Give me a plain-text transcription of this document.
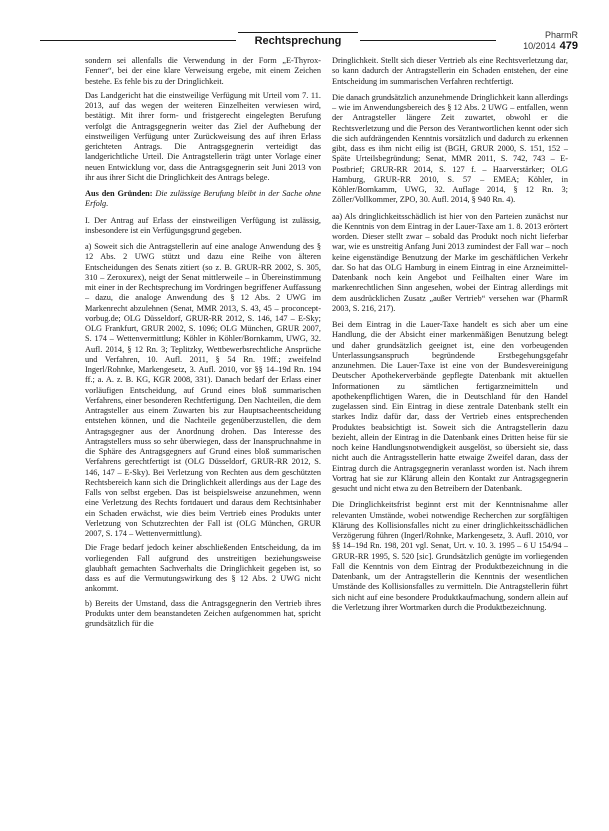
Rechtsprechung	PharmR 10/2014 479

sondern sei allenfalls die Verwendung in der Form „E-Thyrox-Fenner“, bei der eine klare Verweisung ergebe, mit einem Zeichen bestehe. Es fehle bis zu der Dringlichkeit.

Das Landgericht hat die einstweilige Verfügung mit Urteil vom 7. 11. 2013, auf das wegen der weiteren Einzelheiten verwiesen wird, bestätigt. Mit ihrer form- und fristgerecht eingelegten Berufung verfolgt die Antragsgegnerin weiter das Ziel der Aufhebung der einstweiligen Verfügung unter Zurückweisung des auf ihren Erlass gerichteten Antrags. Die Antragsgegnerin verteidigt das landgerichtliche Urteil. Die Antragstellerin trägt unter Vorlage einer neuen Entwicklung vor, dass die Antragsgegnerin seit Juni 2013 von ihr aus ihrer Sicht die Dringlichkeit des Antrags belege.

Aus den Gründen: Die zulässige Berufung bleibt in der Sache ohne Erfolg.

I. Der Antrag auf Erlass der einstweiligen Verfügung ist zulässig, insbesondere ist ein Verfügungsgrund gegeben.

a) Soweit sich die Antragstellerin auf eine analoge Anwendung des § 12 Abs. 2 UWG stützt und dazu eine Reihe von älteren Entscheidungen des Senats zitiert (so z. B. GRUR-RR 2002, S. 305, 310 – Zeroxurex), neigt der Senat mittlerweile – in Übereinstimmung mit einer in der Rechtsprechung im Vordringen begriffener Auffassung – dazu, die analoge Anwendung des § 12 Abs. 2 UWG im Markenrecht abzulehnen (Senat, MMR 2013, S. 43, 45 – proconcept-vorbug.de; OLG Düsseldorf, GRUR-RR 2012, S. 146, 147 – E-Sky; OLG Frankfurt, GRUR 2002, S. 1096; OLG München, GRUR 2007, S. 174 – Wettenvermittlung; Köhler in Köhler/Bornkamm, UWG, 32. Aufl. 2014, § 12 Rn. 3; Teplitzky, Wettbewerbsrechtliche Ansprüche und Verfahren, 10. Aufl. 2011, § 54 Rn. 19ff.; zweifelnd Ingerl/Rohnke, Markengesetz, 3. Aufl. 2010, vor §§ 14–19d Rn. 194 ff.; a. A. z. B. KG, KGR 2008, 331). Danach bedarf der Erlass einer vorläufigen Entscheidung, auf Grund eines bloß summarischen Verfahrens, einer besonderen Rechtfertigung. Den Nachteilen, die dem Antragsteller aus einem Zuwarten bis zur Hauptsacheentscheidung entstehen können, und die Nachteile gegenüberzustellen, die dem Antragsgegner aus der Anordnung drohen. Das Interesse des Antragstellers muss so sehr überwiegen, dass der Inanspruchnahme in die Sphäre des Antragsgegners auf Grund eines bloß summarischen Verfahrens gerechtfertigt ist (OLG Düsseldorf, GRUR-RR 2012, S. 146, 147 – E-Sky). Bei Verletzung von Rechten aus dem geschützten Rechtsbereich kann sich die Dringlichkeit allerdings aus der Lage des Falls von selbst ergeben. Das ist beispielsweise anzunehmen, wenn eine Verletzung des Rechts fortdauert und daraus dem Rechtsinhaber ein Schaden erwächst, wie dies beim Vertrieb eines Produkts unter Verletzung von Schutzrechten der Fall ist (OLG München, GRUR 2007, S. 174 – Wettenvermittlung).

Die Frage bedarf jedoch keiner abschließenden Entscheidung, da im vorliegenden Fall aufgrund des unstreitigen beziehungsweise glaubhaft gemachten Sachverhalts die Dringlichkeit gegeben ist, so dass es auf die Vermutungswirkung des § 12 Abs. 2 UWG nicht ankommt.

b) Bereits der Umstand, dass die Antragsgegnerin den Vertrieb ihres Produkts unter dem beanstandeten Zeichen aufgenommen hat, spricht grundsätzlich für die

Dringlichkeit. Stellt sich dieser Vertrieb als eine Rechtsverletzung dar, so kann dadurch der Antragstellerin ein Schaden entstehen, der eine Entscheidung im summarischen Verfahren rechtfertigt.

Die danach grundsätzlich anzunehmende Dringlichkeit kann allerdings – wie im Anwendungsbereich des § 12 Abs. 2 UWG – entfallen, wenn der Antragsteller längere Zeit zuwartet, obwohl er die Rechtsverletzung und die Person des Verantwortlichen kennt oder sich die sich aufdrängenden Kenntnis vorsätzlich und dadurch zu erkennen gibt, dass es ihm nicht eilig ist (BGH, GRUR 2000, S. 151, 152 – Späte Urteilsbegründung; Senat, MMR 2011, S. 742, 743 – E-Postbrief; GRUR-RR 2014, S. 127 f. – Haarverstärker; OLG Hamburg, GRUR-RR 2010, S. 57 – EMEA; Köhler, in Köhler/Bornkamm, UWG, 32. Auflage 2014, § 12 Rn. 3; Zöller/Vollkommer, ZPO, 30. Aufl. 2014, § 940 Rn. 4).

aa) Als dringlichkeitsschädlich ist hier von den Parteien zunächst nur die Kenntnis von dem Eintrag in der Lauer-Taxe am 1. 8. 2013 erörtert worden. Dieser stellt zwar – sobald das Produkt noch nicht lieferbar war, wie es unstreitig Anfang Juni 2013 zumindest der Fall war – noch keine eigenständige Benutzung der Marke im geschäftlichen Verkehr dar. So hat das OLG Hamburg in einem Eintrag in eine Arzneimittel-Datenbank noch kein Angebot und Feilhalten einer Ware im markenrechtlichen Sinn angesehen, wobei der Eintrag allerdings mit dem ausdrücklichen Zusatz „außer Vertrieb“ versehen war (PharmR 2003, S. 216, 217).

Bei dem Eintrag in die Lauer-Taxe handelt es sich aber um eine Handlung, die der Absicht einer markenmäßigen Benutzung belegt und daher grundsätzlich geeignet ist, eine den vorbeugenden Unterlassungsanspruch begründende Erstbegehungsgefahr anzunehmen. Die Lauer-Taxe ist eine von der Bundesvereinigung Deutscher Apothekerverbände gepflegte Datenbank mit aktuellen Informationen zu sämtlichen fertigarzneimitteln und apothekenpflichtigen Waren, die in Deutschland für den Handel zugelassen sind. Ein Eintrag in diese zentrale Datenbank stellt ein starkes Indiz dafür dar, dass der Vertrieb eines entsprechenden Produktes beabsichtigt ist. Soweit sich die Antragstellerin dazu bezieht, allein der Eintrag in die Datenbank eines Dritten heise für sie noch keine Handlungsnotwendigkeit ausgelöst, so übersieht sie, dass nicht auch die Antragsstellerin hatte etwaige Zweifel daran, dass der Eintrag durch die Antragsgegnerin veranlasst worden ist. Nach ihrem Vortrag hat sie zur Klärung allein den Kontakt zur Antragsgegnerin gesucht und nicht etwa zu den Betreibern der Datenbank.

Die Dringlichkeitsfrist beginnt erst mit der Kenntnisnahme aller relevanten Umstände, wobei notwendige Recherchen zur sorgfältigen Klärung des Kollisionsfalles nicht zu einer dringlichkeitsschädlichen Verzögerung führen (Ingerl/Rohnke, Markengesetz, 3. Aufl. 2010, vor §§ 14–19d Rn. 198, 201 vgl. Senat, Urt. v. 10. 3. 1995 – 6 U 154/94 – GRUR-RR 1995, S. 520 [sic]. Grundsätzlich genügte im vorliegenden Fall die Kenntnis von dem Eintrag der Produktbezeichnung in die Datenbank, um der Antragstellerin die Kenntnis der wesentlichen Umstände des Kollisionsfalles zu vermitteln. Die Antragstellerin führt sich nicht auf eine besondere Produktkaufmachung, sondern allein auf die Verletzung ihrer Wortmarken durch die Produktbezeichnung.
